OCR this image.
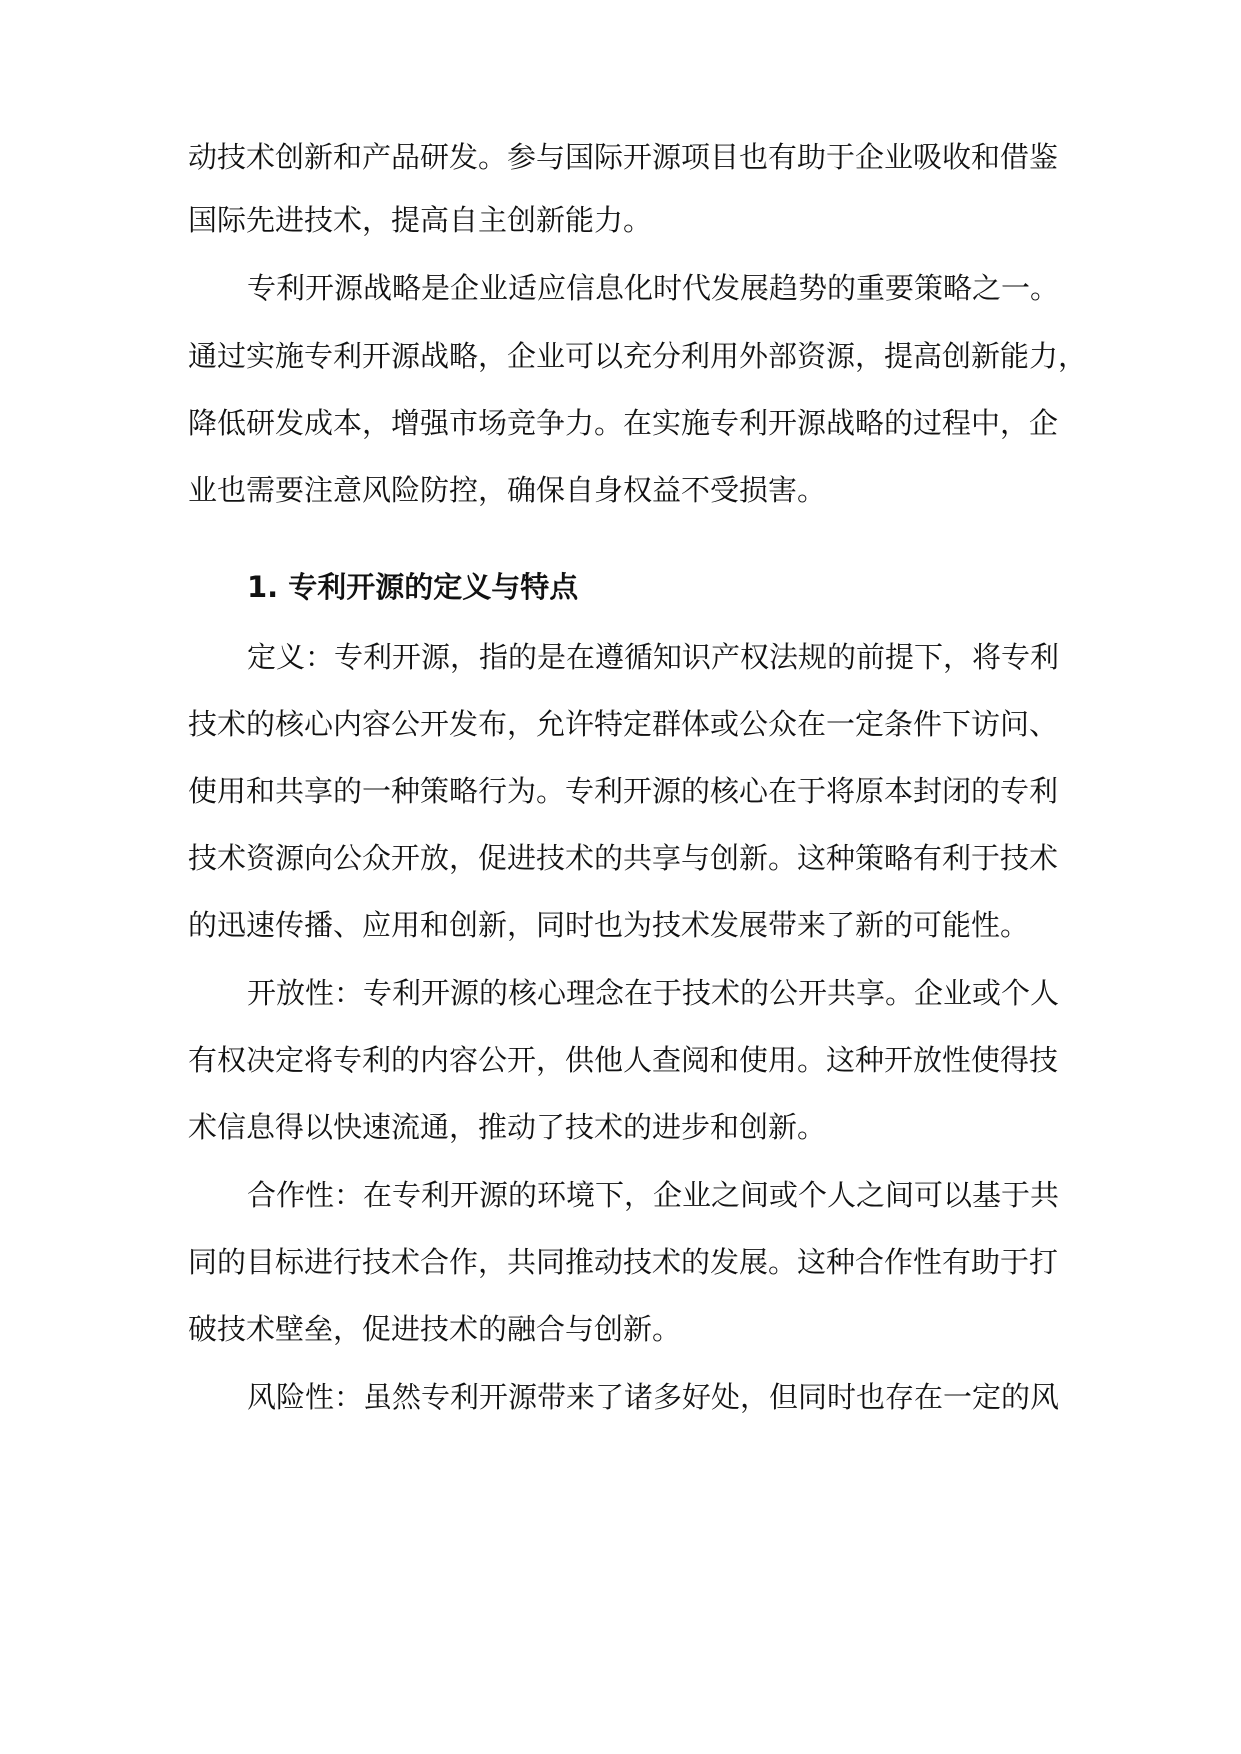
动技术创新和产品研发。参与国际开源项目也有助于企业吸收和借鉴
国际先进技术，提高自主创新能力。
专利开源战略是企业适应信息化时代发展趋势的重要策略之一。
通过实施专利开源战略，企业可以充分利用外部资源，提高创新能力，
降低研发成本，增强市场竞争力。在实施专利开源战略的过程中，企
业也需要注意风险防控，确保自身权益不受损害。
1. 专利开源的定义与特点
定义：专利开源，指的是在遵循知识产权法规的前提下，将专利
技术的核心内容公开发布，允许特定群体或公众在一定条件下访问、
使用和共享的一种策略行为。专利开源的核心在于将原本封闭的专利
技术资源向公众开放，促进技术的共享与创新。这种策略有利于技术
的迅速传播、应用和创新，同时也为技术发展带来了新的可能性。
开放性：专利开源的核心理念在于技术的公开共享。企业或个人
有权决定将专利的内容公开，供他人查阅和使用。这种开放性使得技
术信息得以快速流通，推动了技术的进步和创新。
合作性：在专利开源的环境下，企业之间或个人之间可以基于共
同的目标进行技术合作，共同推动技术的发展。这种合作性有助于打
破技术壁垒，促进技术的融合与创新。
风险性：虽然专利开源带来了诸多好处，但同时也存在一定的风
